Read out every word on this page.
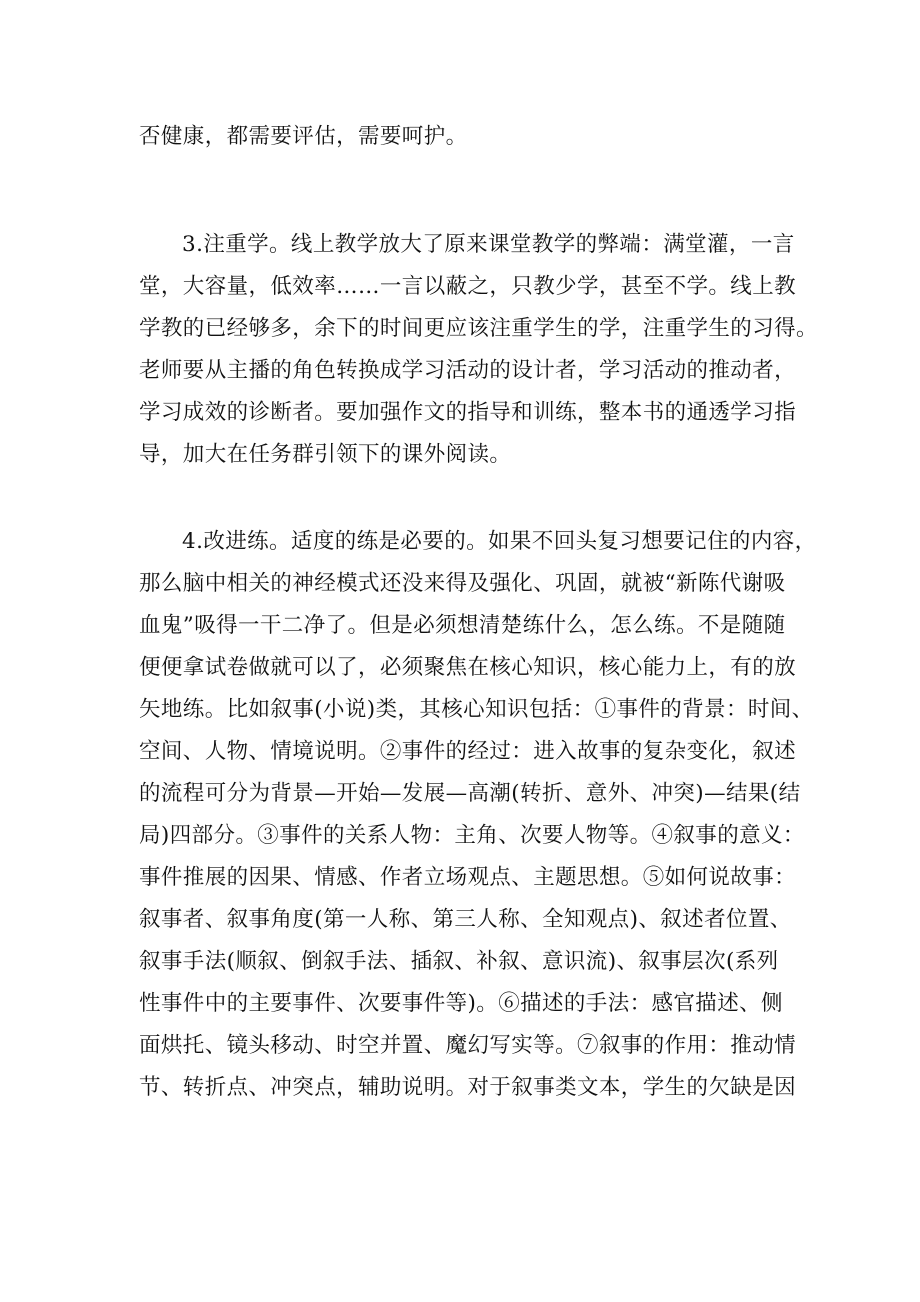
否健康，都需要评估，需要呵护。
3.注重学。线上教学放大了原来课堂教学的弊端：满堂灌，一言
堂，大容量，低效率……一言以蔽之，只教少学，甚至不学。线上教
学教的已经够多，余下的时间更应该注重学生的学，注重学生的习得。
老师要从主播的角色转换成学习活动的设计者，学习活动的推动者，
学习成效的诊断者。要加强作文的指导和训练，整本书的通透学习指
导，加大在任务群引领下的课外阅读。
4.改进练。适度的练是必要的。如果不回头复习想要记住的内容，
那么脑中相关的神经模式还没来得及强化、巩固，就被“新陈代谢吸
血鬼”吸得一干二净了。但是必须想清楚练什么，怎么练。不是随随
便便拿试卷做就可以了，必须聚焦在核心知识，核心能力上，有的放
矢地练。比如叙事(小说)类，其核心知识包括：①事件的背景：时间、
空间、人物、情境说明。②事件的经过：进入故事的复杂变化，叙述
的流程可分为背景—开始—发展—高潮(转折、意外、冲突)—结果(结
局)四部分。③事件的关系人物：主角、次要人物等。④叙事的意义：
事件推展的因果、情感、作者立场观点、主题思想。⑤如何说故事：
叙事者、叙事角度(第一人称、第三人称、全知观点)、叙述者位置、
叙事手法(顺叙、倒叙手法、插叙、补叙、意识流)、叙事层次(系列
性事件中的主要事件、次要事件等)。⑥描述的手法：感官描述、侧
面烘托、镜头移动、时空并置、魔幻写实等。⑦叙事的作用：推动情
节、转折点、冲突点，辅助说明。对于叙事类文本，学生的欠缺是因
